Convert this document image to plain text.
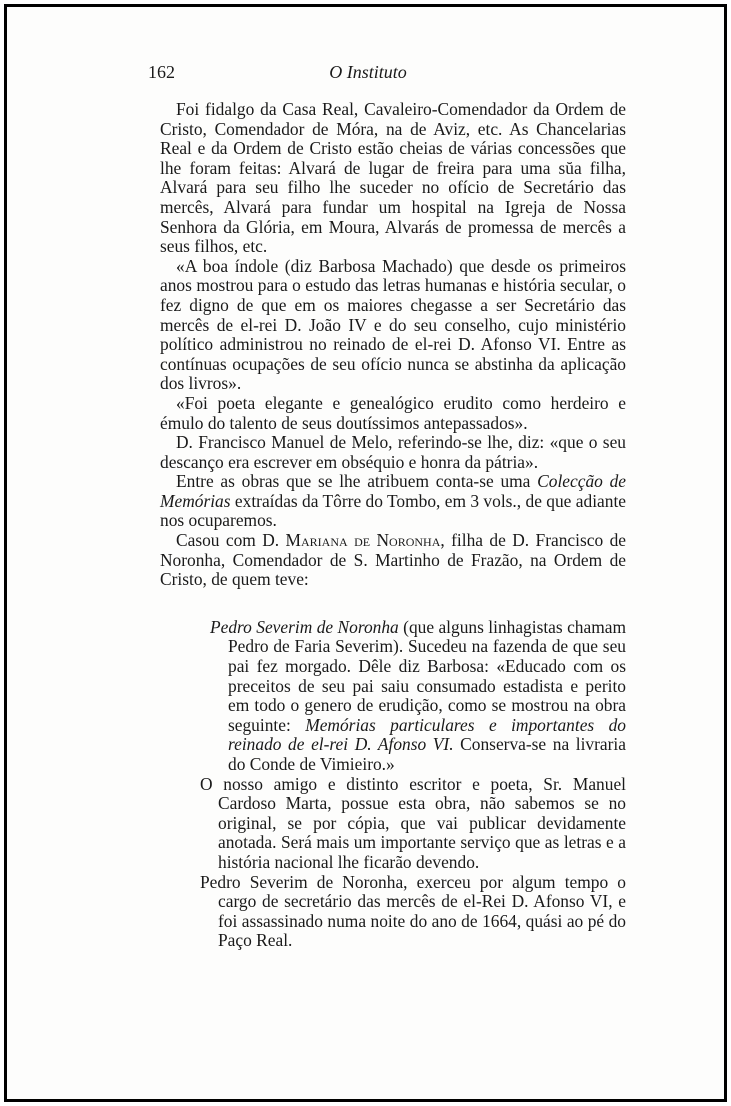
162	O Instituto

Foi fidalgo da Casa Real, Cavaleiro-Comendador da Ordem de Cristo, Comendador de Móra, na de Aviz, etc. As Chancelarias Real e da Ordem de Cristo estão cheias de várias concessões que lhe foram feitas: Alvará de lugar de freira para uma sŭa filha, Alvará para seu filho lhe suceder no ofício de Secretário das mercês, Alvará para fundar um hospital na Igreja de Nossa Senhora da Glória, em Moura, Alvarás de promessa de mercês a seus filhos, etc.

«A boa índole (diz Barbosa Machado) que desde os primeiros anos mostrou para o estudo das letras humanas e história secular, o fez digno de que em os maiores chegasse a ser Secretário das mercês de el-rei D. João IV e do seu conselho, cujo ministério político administrou no reinado de el-rei D. Afonso VI. Entre as contínuas ocupações de seu ofício nunca se abstinha da aplicação dos livros».

«Foi poeta elegante e genealógico erudito como herdeiro e émulo do talento de seus doutíssimos antepassados».

D. Francisco Manuel de Melo, referindo-se lhe, diz: «que o seu descanço era escrever em obséquio e honra da pátria».

Entre as obras que se lhe atribuem conta-se uma Colecção de Memórias extraídas da Tôrre do Tombo, em 3 vols., de que adiante nos ocuparemos.

Casou com D. Mariana de Noronha, filha de D. Francisco de Noronha, Comendador de S. Martinho de Frazão, na Ordem de Cristo, de quem teve:

Pedro Severim de Noronha (que alguns linhagistas chamam Pedro de Faria Severim). Sucedeu na fazenda de que seu pai fez morgado. Dêle diz Barbosa: «Educado com os preceitos de seu pai saiu consumado estadista e perito em todo o genero de erudição, como se mostrou na obra seguinte: Memórias particulares e importantes do reinado de el-rei D. Afonso VI. Conserva-se na livraria do Conde de Vimieiro.»

O nosso amigo e distinto escritor e poeta, Sr. Manuel Cardoso Marta, possue esta obra, não sabemos se no original, se por cópia, que vai publicar devidamente anotada. Será mais um importante serviço que as letras e a história nacional lhe ficarão devendo.

Pedro Severim de Noronha, exerceu por algum tempo o cargo de secretário das mercês de el-Rei D. Afonso VI, e foi assassinado numa noite do ano de 1664, quási ao pé do Paço Real.
